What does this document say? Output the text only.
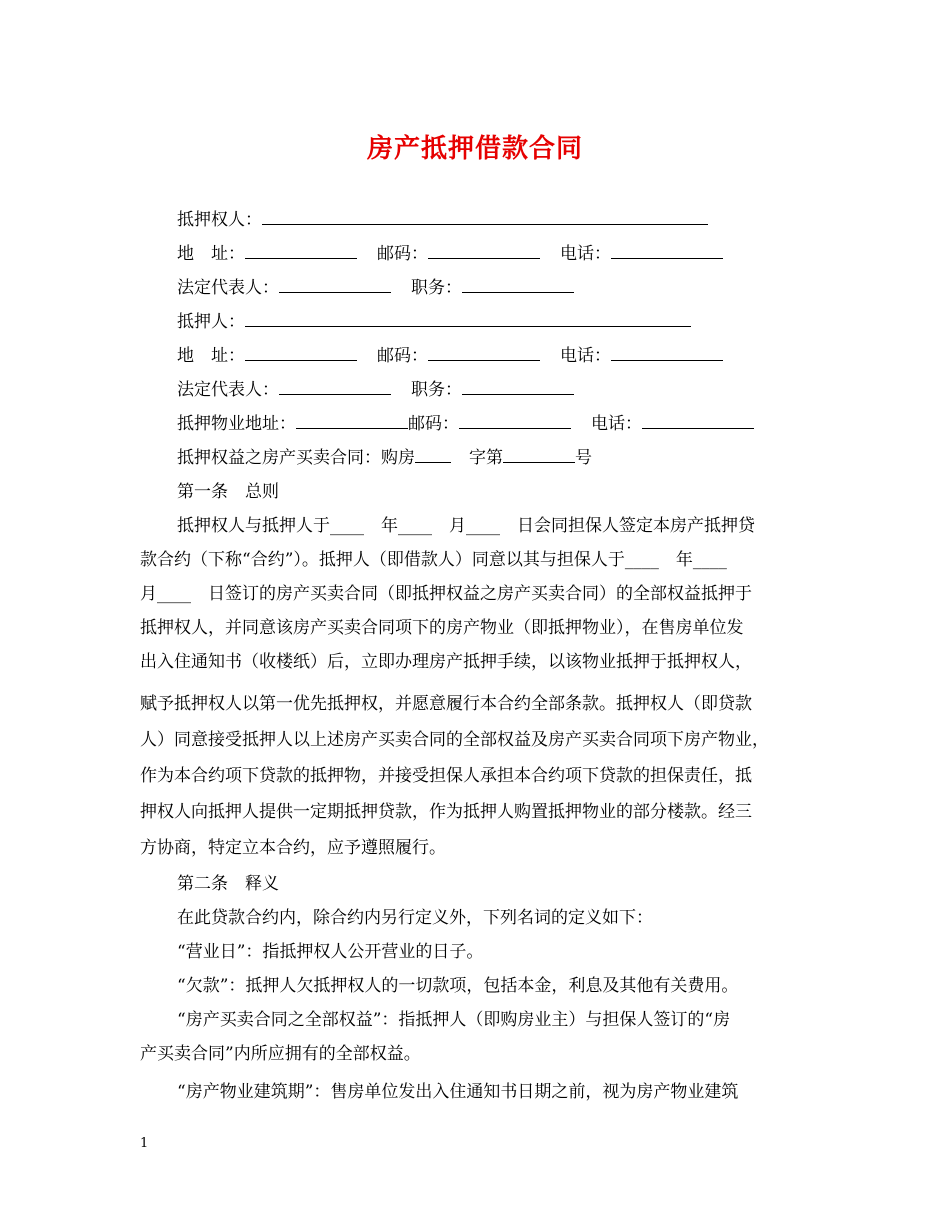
房产抵押借款合同
抵押权人：
地　址：	邮码：	电话：
法定代表人：	职务：
抵押人：
地　址：	邮码：	电话：
法定代表人：	职务：
抵押物业地址：	邮码：	电话：
抵押权益之房产买卖合同：购房	字第	号
第一条　总则
抵押权人与抵押人于____　年____　月____　日会同担保人签定本房产抵押贷
款合约（下称“合约”）。抵押人（即借款人）同意以其与担保人于____　年____
月____　日签订的房产买卖合同（即抵押权益之房产买卖合同）的全部权益抵押于
抵押权人，并同意该房产买卖合同项下的房产物业（即抵押物业），在售房单位发
出入住通知书（收楼纸）后，立即办理房产抵押手续，以该物业抵押于抵押权人，
赋予抵押权人以第一优先抵押权，并愿意履行本合约全部条款。抵押权人（即贷款
人）同意接受抵押人以上述房产买卖合同的全部权益及房产买卖合同项下房产物业，
作为本合约项下贷款的抵押物，并接受担保人承担本合约项下贷款的担保责任，抵
押权人向抵押人提供一定期抵押贷款，作为抵押人购置抵押物业的部分楼款。经三
方协商，特定立本合约，应予遵照履行。
第二条　释义
在此贷款合约内，除合约内另行定义外，下列名词的定义如下：
“营业日”：指抵押权人公开营业的日子。
“欠款”：抵押人欠抵押权人的一切款项，包括本金，利息及其他有关费用。
“房产买卖合同之全部权益”：指抵押人（即购房业主）与担保人签订的“房
产买卖合同”内所应拥有的全部权益。
“房产物业建筑期”：售房单位发出入住通知书日期之前，视为房产物业建筑
1
